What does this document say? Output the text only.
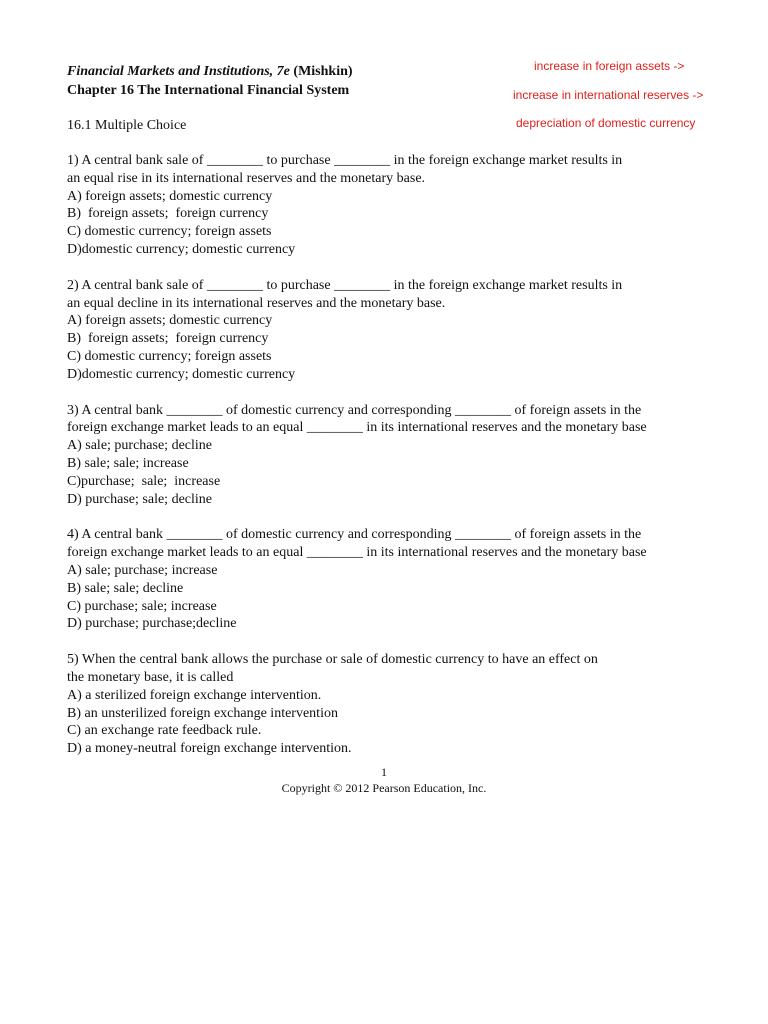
Financial Markets and Institutions, 7e (Mishkin)
Chapter 16 The International Financial System
increase in foreign assets ->
increase in international reserves ->
depreciation of domestic currency
16.1 Multiple Choice
1) A central bank sale of ________ to purchase ________ in the foreign exchange market results in
an equal rise in its international reserves and the monetary base.
A) foreign assets; domestic currency
B)  foreign assets;  foreign currency
C) domestic currency; foreign assets
D)domestic currency; domestic currency
2) A central bank sale of ________ to purchase ________ in the foreign exchange market results in
an equal decline in its international reserves and the monetary base.
A) foreign assets; domestic currency
B)  foreign assets;  foreign currency
C) domestic currency; foreign assets
D)domestic currency; domestic currency
3) A central bank ________ of domestic currency and corresponding ________ of foreign assets in the
foreign exchange market leads to an equal ________ in its international reserves and the monetary base
A) sale; purchase; decline
B) sale; sale; increase
C)purchase;  sale;  increase
D) purchase; sale; decline
4) A central bank ________ of domestic currency and corresponding ________ of foreign assets in the
foreign exchange market leads to an equal ________ in its international reserves and the monetary base
A) sale; purchase; increase
B) sale; sale; decline
C) purchase; sale; increase
D) purchase; purchase;decline
5) When the central bank allows the purchase or sale of domestic currency to have an effect on
the monetary base, it is called
A) a sterilized foreign exchange intervention.
B) an unsterilized foreign exchange intervention
C) an exchange rate feedback rule.
D) a money-neutral foreign exchange intervention.
1
Copyright © 2012 Pearson Education, Inc.
